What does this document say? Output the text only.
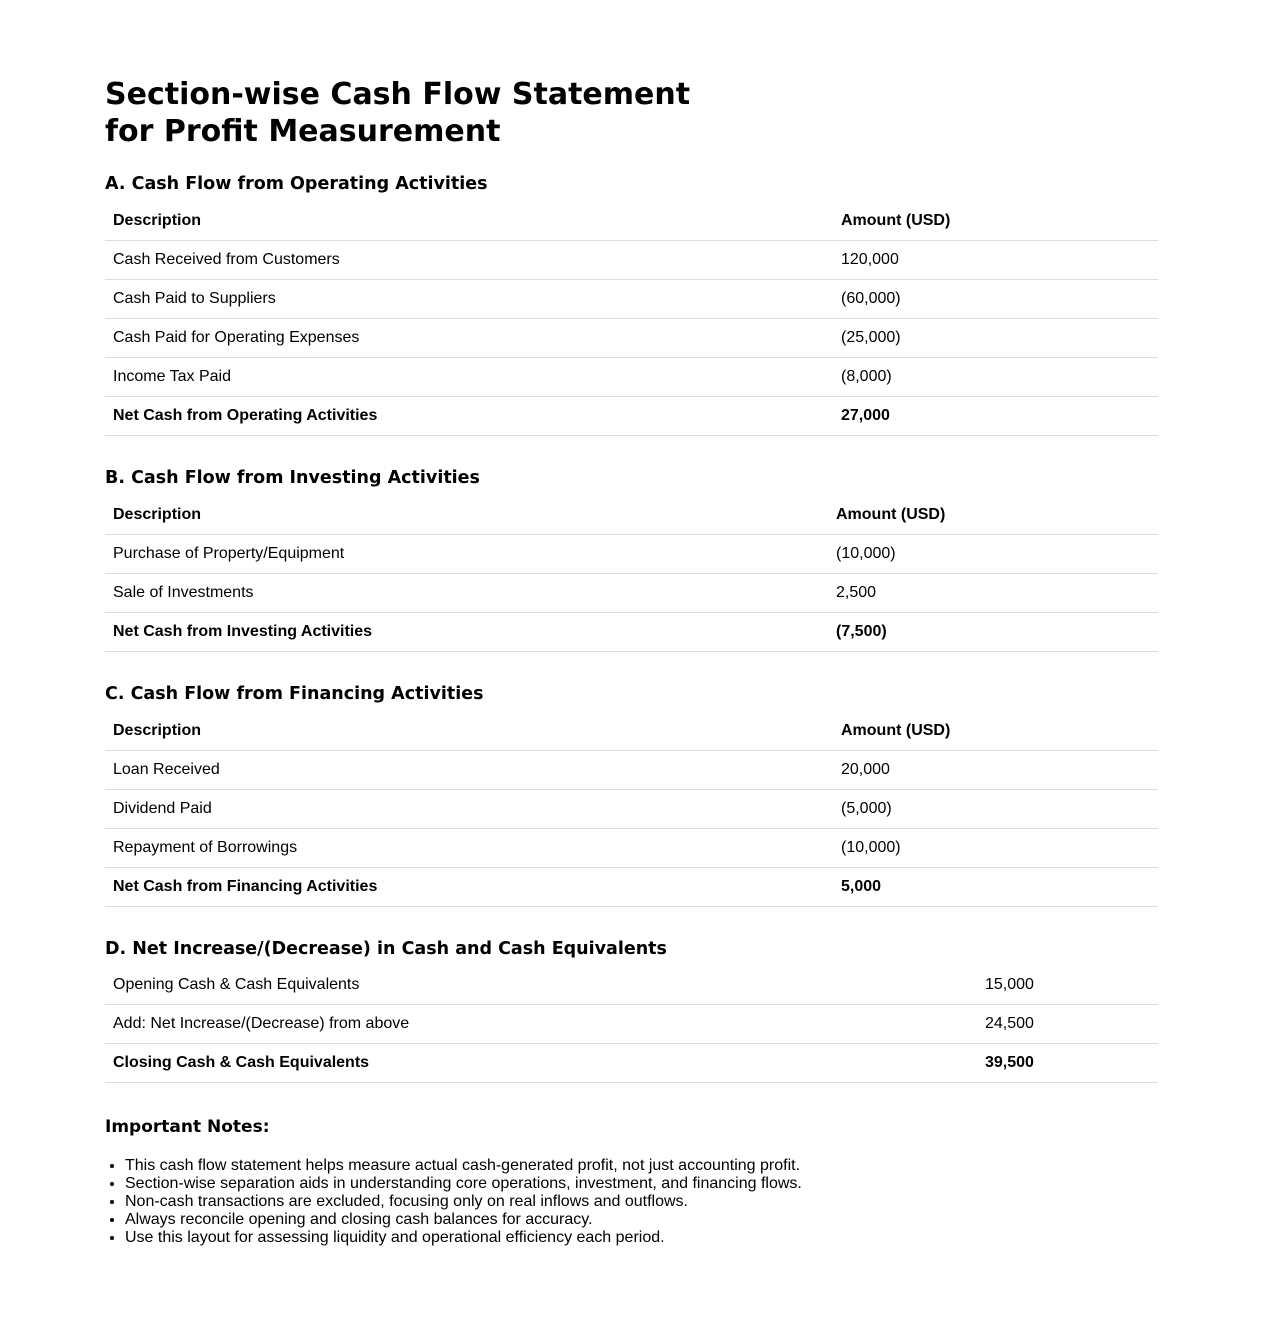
Section-wise Cash Flow Statement
for Profit Measurement
A. Cash Flow from Operating Activities
Description	Amount (USD)
Cash Received from Customers	120,000
Cash Paid to Suppliers	(60,000)
Cash Paid for Operating Expenses	(25,000)
Income Tax Paid	(8,000)
Net Cash from Operating Activities	27,000
B. Cash Flow from Investing Activities
Description	Amount (USD)
Purchase of Property/Equipment	(10,000)
Sale of Investments	2,500
Net Cash from Investing Activities	(7,500)
C. Cash Flow from Financing Activities
Description	Amount (USD)
Loan Received	20,000
Dividend Paid	(5,000)
Repayment of Borrowings	(10,000)
Net Cash from Financing Activities	5,000
D. Net Increase/(Decrease) in Cash and Cash Equivalents
Opening Cash & Cash Equivalents	15,000
Add: Net Increase/(Decrease) from above	24,500
Closing Cash & Cash Equivalents	39,500
Important Notes:
• This cash flow statement helps measure actual cash-generated profit, not just accounting profit.
• Section-wise separation aids in understanding core operations, investment, and financing flows.
• Non-cash transactions are excluded, focusing only on real inflows and outflows.
• Always reconcile opening and closing cash balances for accuracy.
• Use this layout for assessing liquidity and operational efficiency each period.
